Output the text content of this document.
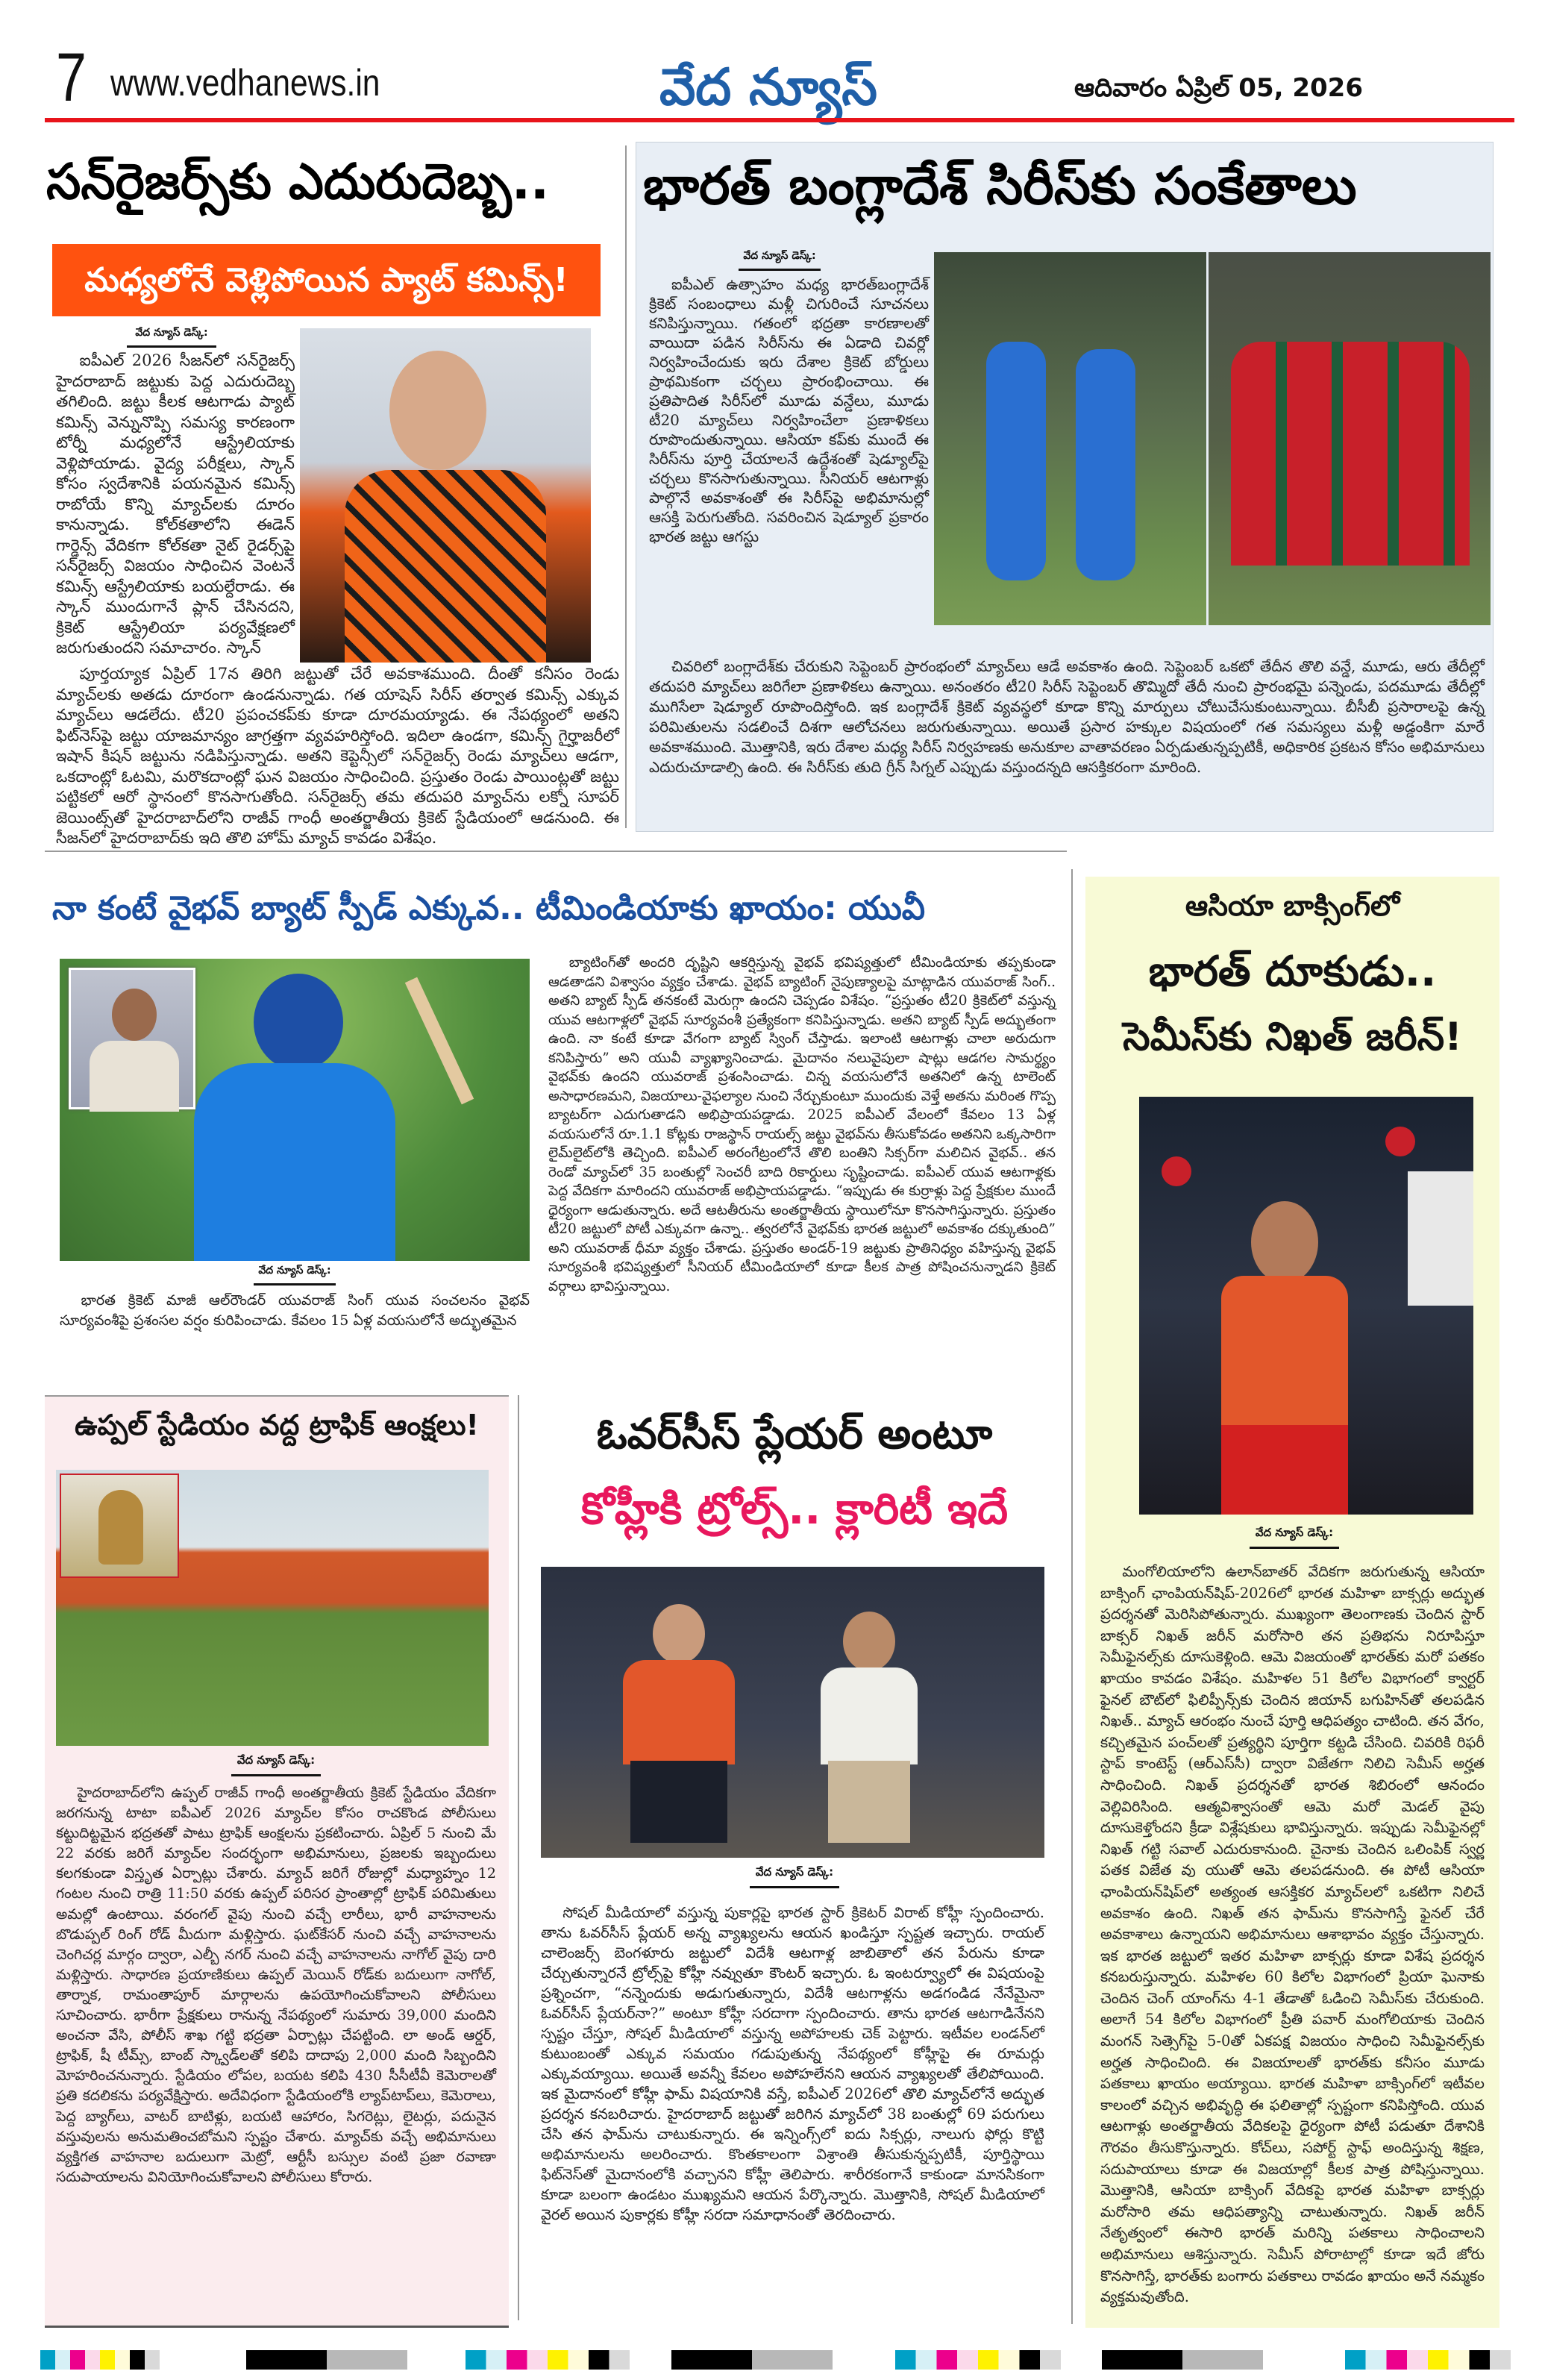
7 www.vedhanews.in	వేద న్యూస్	ఆదివారం ఏప్రిల్ 05, 2026
సన్‌రైజర్స్‌కు ఎదురుదెబ్బ..
మధ్యలోనే వెళ్లిపోయిన ప్యాట్ కమిన్స్!
వేద న్యూస్ డెస్క్:

ఐపీఎల్ 2026 సీజన్‌లో సన్‌రైజర్స్ హైదరాబాద్ జట్టుకు పెద్ద ఎదురుదెబ్బ తగిలింది. జట్టు కీలక ఆటగాడు ప్యాట్ కమిన్స్ వెన్నునొప్పి సమస్య కారణంగా టోర్నీ మధ్యలోనే ఆస్ట్రేలియాకు వెళ్లిపోయాడు. వైద్య పరీక్షలు, స్కాన్ కోసం స్వదేశానికి పయనమైన కమిన్స్ రాబోయే కొన్ని మ్యాచ్‌లకు దూరం కానున్నాడు. కోల్‌కతాలోని ఈడెన్ గార్డెన్స్ వేదికగా కోల్‌కతా నైట్ రైడర్స్‌పై సన్‌రైజర్స్ విజయం సాధించిన వెంటనే కమిన్స్ ఆస్ట్రేలియాకు బయల్దేరాడు. ఈ స్కాన్ ముందుగానే ప్లాన్ చేసినదని, క్రికెట్ ఆస్ట్రేలియా పర్యవేక్షణలో జరుగుతుందని సమాచారం. స్కాన్

పూర్తయ్యాక ఏప్రిల్ 17న తిరిగి జట్టుతో చేరే అవకాశముంది. దీంతో కనీసం రెండు మ్యాచ్‌లకు అతడు దూరంగా ఉండనున్నాడు. గత యాషెస్ సిరీస్ తర్వాత కమిన్స్ ఎక్కువ మ్యాచ్‌లు ఆడలేదు. టీ20 ప్రపంచకప్‌కు కూడా దూరమయ్యాడు. ఈ నేపథ్యంలో అతని ఫిట్‌నెస్‌పై జట్టు యాజమాన్యం జాగ్రత్తగా వ్యవహరిస్తోంది. ఇదిలా ఉండగా, కమిన్స్ గైర్హాజరీలో ఇషాన్ కిషన్ జట్టును నడిపిస్తున్నాడు. అతని కెప్టెన్సీలో సన్‌రైజర్స్ రెండు మ్యాచ్‌లు ఆడగా, ఒకదాంట్లో ఓటమి, మరొకదాంట్లో ఘన విజయం సాధించింది. ప్రస్తుతం రెండు పాయింట్లతో జట్టు పట్టికలో ఆరో స్థానంలో కొనసాగుతోంది. సన్‌రైజర్స్ తమ తదుపరి మ్యాచ్‌ను లక్నో సూపర్ జెయింట్స్‌తో హైదరాబాద్‌లోని రాజీవ్ గాంధీ అంతర్జాతీయ క్రికెట్ స్టేడియంలో ఆడనుంది. ఈ సీజన్‌లో హైదరాబాద్‌కు ఇది తొలి హోమ్ మ్యాచ్ కావడం విశేషం.

భారత్ బంగ్లాదేశ్ సిరీస్‌కు సంకేతాలు
వేద న్యూస్ డెస్క్:

ఐపీఎల్ ఉత్సాహం మధ్య భారత్‌బంగ్లాదేశ్ క్రికెట్ సంబంధాలు మళ్లీ చిగురించే సూచనలు కనిపిస్తున్నాయి. గతంలో భద్రతా కారణాలతో వాయిదా పడిన సిరీస్‌ను ఈ ఏడాది చివర్లో నిర్వహించేందుకు ఇరు దేశాల క్రికెట్ బోర్డులు ప్రాథమికంగా చర్చలు ప్రారంభించాయి. ఈ ప్రతిపాదిత సిరీస్‌లో మూడు వన్డేలు, మూడు టీ20 మ్యాచ్‌లు నిర్వహించేలా ప్రణాళికలు రూపొందుతున్నాయి. ఆసియా కప్‌కు ముందే ఈ సిరీస్‌ను పూర్తి చేయాలనే ఉద్దేశంతో షెడ్యూల్‌పై చర్చలు కొనసాగుతున్నాయి. సీనియర్ ఆటగాళ్లు పాల్గొనే అవకాశంతో ఈ సిరీస్‌పై అభిమానుల్లో ఆసక్తి పెరుగుతోంది. సవరించిన షెడ్యూల్ ప్రకారం భారత జట్టు ఆగస్టు

చివరిలో బంగ్లాదేశ్‌కు చేరుకుని సెప్టెంబర్ ప్రారంభంలో మ్యాచ్‌లు ఆడే అవకాశం ఉంది. సెప్టెంబర్ ఒకటో తేదీన తొలి వన్డే, మూడు, ఆరు తేదీల్లో తదుపరి మ్యాచ్‌లు జరిగేలా ప్రణాళికలు ఉన్నాయి. అనంతరం టీ20 సిరీస్ సెప్టెంబర్ తొమ్మిదో తేదీ నుంచి ప్రారంభమై పన్నెండు, పదమూడు తేదీల్లో ముగిసేలా షెడ్యూల్ రూపొందిస్తోంది. ఇక బంగ్లాదేశ్ క్రికెట్ వ్యవస్థలో కూడా కొన్ని మార్పులు చోటుచేసుకుంటున్నాయి. బీసీబీ ప్రసారాలపై ఉన్న పరిమితులను సడలించే దిశగా ఆలోచనలు జరుగుతున్నాయి. అయితే ప్రసార హక్కుల విషయంలో గత సమస్యలు మళ్లీ అడ్డంకిగా మారే అవకాశముంది. మొత్తానికి, ఇరు దేశాల మధ్య సిరీస్ నిర్వహణకు అనుకూల వాతావరణం ఏర్పడుతున్నప్పటికీ, అధికారిక ప్రకటన కోసం అభిమానులు ఎదురుచూడాల్సి ఉంది. ఈ సిరీస్‌కు తుది గ్రీన్ సిగ్నల్ ఎప్పుడు వస్తుందన్నది ఆసక్తికరంగా మారింది.

నా కంటే వైభవ్ బ్యాట్ స్పీడ్ ఎక్కువ.. టీమిండియాకు ఖాయం: యువీ
వేద న్యూస్ డెస్క్:

భారత క్రికెట్ మాజీ ఆల్‌రౌండర్ యువరాజ్ సింగ్ యువ సంచలనం వైభవ్ సూర్యవంశీపై ప్రశంసల వర్షం కురిపించాడు. కేవలం 15 ఏళ్ల వయసులోనే అద్భుతమైన

బ్యాటింగ్‌తో అందరి దృష్టిని ఆకర్షిస్తున్న వైభవ్ భవిష్యత్తులో టీమిండియాకు తప్పకుండా ఆడతాడని విశ్వాసం వ్యక్తం చేశాడు. వైభవ్ బ్యాటింగ్ నైపుణ్యాలపై మాట్లాడిన యువరాజ్ సింగ్.. అతని బ్యాట్ స్పీడ్ తనకంటే మెరుగ్గా ఉందని చెప్పడం విశేషం. “ప్రస్తుతం టీ20 క్రికెట్‌లో వస్తున్న యువ ఆటగాళ్లలో వైభవ్ సూర్యవంశీ ప్రత్యేకంగా కనిపిస్తున్నాడు. అతని బ్యాట్ స్పీడ్ అద్భుతంగా ఉంది. నా కంటే కూడా వేగంగా బ్యాట్ స్వింగ్ చేస్తాడు. ఇలాంటి ఆటగాళ్లు చాలా అరుదుగా కనిపిస్తారు” అని యువీ వ్యాఖ్యానించాడు. మైదానం నలువైపులా షాట్లు ఆడగల సామర్థ్యం వైభవ్‌కు ఉందని యువరాజ్ ప్రశంసించాడు. చిన్న వయసులోనే అతనిలో ఉన్న టాలెంట్ అసాధారణమని, విజయాలు-వైఫల్యాల నుంచి నేర్చుకుంటూ ముందుకు వెళ్తే అతను మరింత గొప్ప బ్యాటర్‌గా ఎదుగుతాడని అభిప్రాయపడ్డాడు. 2025 ఐపీఎల్ వేలంలో కేవలం 13 ఏళ్ల వయసులోనే రూ.1.1 కోట్లకు రాజస్థాన్ రాయల్స్ జట్టు వైభవ్‌ను తీసుకోవడం అతనిని ఒక్కసారిగా లైమ్‌లైట్‌లోకి తెచ్చింది. ఐపీఎల్ అరంగేట్రంలోనే తొలి బంతిని సిక్సర్‌గా మలిచిన వైభవ్.. తన రెండో మ్యాచ్‌లో 35 బంతుల్లో సెంచరీ బాది రికార్డులు సృష్టించాడు. ఐపీఎల్ యువ ఆటగాళ్లకు పెద్ద వేదికగా మారిందని యువరాజ్ అభిప్రాయపడ్డాడు. “ఇప్పుడు ఈ కుర్రాళ్లు పెద్ద ప్రేక్షకుల ముందే ధైర్యంగా ఆడుతున్నారు. అదే ఆటతీరును అంతర్జాతీయ స్థాయిలోనూ కొనసాగిస్తున్నారు. ప్రస్తుతం టీ20 జట్టులో పోటీ ఎక్కువగా ఉన్నా.. త్వరలోనే వైభవ్‌కు భారత జట్టులో అవకాశం దక్కుతుంది” అని యువరాజ్ ధీమా వ్యక్తం చేశాడు. ప్రస్తుతం అండర్-19 జట్టుకు ప్రాతినిధ్యం వహిస్తున్న వైభవ్ సూర్యవంశీ భవిష్యత్తులో సీనియర్ టీమిండియాలో కూడా కీలక పాత్ర పోషించనున్నాడని క్రికెట్ వర్గాలు భావిస్తున్నాయి.

ఆసియా బాక్సింగ్‌లో
భారత్ దూకుడు..
సెమీస్‌కు నిఖత్ జరీన్!
వేద న్యూస్ డెస్క్:

మంగోలియాలోని ఉలాన్‌బాతర్ వేదికగా జరుగుతున్న ఆసియా బాక్సింగ్ ఛాంపియన్‌షిప్-2026లో భారత మహిళా బాక్సర్లు అద్భుత ప్రదర్శనతో మెరిసిపోతున్నారు. ముఖ్యంగా తెలంగాణకు చెందిన స్టార్ బాక్సర్ నిఖత్ జరీన్ మరోసారి తన ప్రతిభను నిరూపిస్తూ సెమీఫైనల్స్‌కు దూసుకెళ్లింది. ఆమె విజయంతో భారత్‌కు మరో పతకం ఖాయం కావడం విశేషం. మహిళల 51 కిలోల విభాగంలో క్వార్టర్ ఫైనల్ బౌట్‌లో ఫిలిప్పీన్స్‌కు చెందిన జియాన్ బగుహిన్‌తో తలపడిన నిఖత్.. మ్యాచ్ ఆరంభం నుంచే పూర్తి ఆధిపత్యం చాటింది. తన వేగం, కచ్చితమైన పంచ్‌లతో ప్రత్యర్థిని పూర్తిగా కట్టడి చేసింది. చివరికి రిఫరీ స్టాప్ కాంటెస్ట్ (ఆర్ఎస్‌సీ) ద్వారా విజేతగా నిలిచి సెమీస్ అర్హత సాధించింది. నిఖత్ ప్రదర్శనతో భారత శిబిరంలో ఆనందం వెల్లివిరిసింది. ఆత్మవిశ్వాసంతో ఆమె మరో మెడల్ వైపు దూసుకెళ్తోందని క్రీడా విశ్లేషకులు భావిస్తున్నారు. ఇప్పుడు సెమీఫైనల్లో నిఖత్ గట్టి సవాల్ ఎదురుకానుంది. చైనాకు చెందిన ఒలింపిక్ స్వర్ణ పతక విజేత వు యుతో ఆమె తలపడనుంది. ఈ పోటీ ఆసియా ఛాంపియన్‌షిప్‌లో అత్యంత ఆసక్తికర మ్యాచ్‌లలో ఒకటిగా నిలిచే అవకాశం ఉంది. నిఖత్ తన ఫామ్‌ను కొనసాగిస్తే ఫైనల్ చేరే అవకాశాలు ఉన్నాయని అభిమానులు ఆశాభావం వ్యక్తం చేస్తున్నారు. ఇక భారత జట్టులో ఇతర మహిళా బాక్సర్లు కూడా విశేష ప్రదర్శన కనబరుస్తున్నారు. మహిళల 60 కిలోల విభాగంలో ప్రియా ఘెనాకు చెందిన చెంగ్ యాంగ్‌ను 4-1 తేడాతో ఓడించి సెమీస్‌కు చేరుకుంది. అలాగే 54 కిలోల విభాగంలో ప్రీతి పవార్ మంగోలియాకు చెందిన మంగన్ సెత్సెగ్‌పై 5-0తో ఏకపక్ష విజయం సాధించి సెమీఫైనల్స్‌కు అర్హత సాధించింది. ఈ విజయాలతో భారత్‌కు కనీసం మూడు పతకాలు ఖాయం అయ్యాయి. భారత మహిళా బాక్సింగ్‌లో ఇటీవల కాలంలో వచ్చిన అభివృద్ధి ఈ ఫలితాల్లో స్పష్టంగా కనిపిస్తోంది. యువ ఆటగాళ్లు అంతర్జాతీయ వేదికలపై ధైర్యంగా పోటీ పడుతూ దేశానికి గౌరవం తీసుకొస్తున్నారు. కోచ్‌లు, సపోర్ట్ స్టాఫ్ అందిస్తున్న శిక్షణ, సదుపాయాలు కూడా ఈ విజయాల్లో కీలక పాత్ర పోషిస్తున్నాయి. మొత్తానికి, ఆసియా బాక్సింగ్ వేదికపై భారత మహిళా బాక్సర్లు మరోసారి తమ ఆధిపత్యాన్ని చాటుతున్నారు. నిఖత్ జరీన్ నేతృత్వంలో ఈసారి భారత్ మరిన్ని పతకాలు సాధించాలని అభిమానులు ఆశిస్తున్నారు. సెమీస్ పోరాటాల్లో కూడా ఇదే జోరు కొనసాగిస్తే, భారత్‌కు బంగారు పతకాలు రావడం ఖాయం అనే నమ్మకం వ్యక్తమవుతోంది.

ఉప్పల్ స్టేడియం వద్ద ట్రాఫిక్ ఆంక్షలు!
వేద న్యూస్ డెస్క్:

హైదరాబాద్‌లోని ఉప్పల్ రాజీవ్ గాంధీ అంతర్జాతీయ క్రికెట్ స్టేడియం వేదికగా జరగనున్న టాటా ఐపీఎల్ 2026 మ్యాచ్‌ల కోసం రాచకొండ పోలీసులు కట్టుదిట్టమైన భద్రతతో పాటు ట్రాఫిక్ ఆంక్షలను ప్రకటించారు. ఏప్రిల్ 5 నుంచి మే 22 వరకు జరిగే మ్యాచ్‌ల సందర్భంగా అభిమానులు, ప్రజలకు ఇబ్బందులు కలగకుండా విస్తృత ఏర్పాట్లు చేశారు. మ్యాచ్ జరిగే రోజుల్లో మధ్యాహ్నం 12 గంటల నుంచి రాత్రి 11:50 వరకు ఉప్పల్ పరిసర ప్రాంతాల్లో ట్రాఫిక్ పరిమితులు అమల్లో ఉంటాయి. వరంగల్ వైపు నుంచి వచ్చే లారీలు, భారీ వాహనాలను బొడుప్పల్ రింగ్ రోడ్ మీదుగా మళ్లిస్తారు. ఘట్‌కేసర్ నుంచి వచ్చే వాహనాలను చెంగిచర్ల మార్గం ద్వారా, ఎల్బీ నగర్ నుంచి వచ్చే వాహనాలను నాగోల్ వైపు దారి మళ్లిస్తారు. సాధారణ ప్రయాణికులు ఉప్పల్ మెయిన్ రోడ్‌కు బదులుగా నాగోల్, తార్నాక, రామంతాపూర్ మార్గాలను ఉపయోగించుకోవాలని పోలీసులు సూచించారు. భారీగా ప్రేక్షకులు రానున్న నేపథ్యంలో సుమారు 39,000 మందిని అంచనా వేసి, పోలీస్ శాఖ గట్టి భద్రతా ఏర్పాట్లు చేపట్టింది. లా అండ్ ఆర్డర్, ట్రాఫిక్, షీ టీమ్స్, బాంబ్ స్క్వాడ్‌లతో కలిపి దాదాపు 2,000 మంది సిబ్బందిని మోహరించనున్నారు. స్టేడియం లోపల, బయట కలిపి 430 సీసీటీవీ కెమెరాలతో ప్రతి కదలికను పర్యవేక్షిస్తారు. అదేవిధంగా స్టేడియంలోకి ల్యాప్‌టాప్‌లు, కెమెరాలు, పెద్ద బ్యాగ్‌లు, వాటర్ బాటిళ్లు, బయటి ఆహారం, సిగరెట్లు, లైటర్లు, పదునైన వస్తువులను అనుమతించబోమని స్పష్టం చేశారు. మ్యాచ్‌కు వచ్చే అభిమానులు వ్యక్తిగత వాహనాల బదులుగా మెట్రో, ఆర్టీసీ బస్సుల వంటి ప్రజా రవాణా సదుపాయాలను వినియోగించుకోవాలని పోలీసులు కోరారు.

ఓవర్‌సీస్ ప్లేయర్ అంటూ
కోహ్లీకి ట్రోల్స్.. క్లారిటీ ఇదే
వేద న్యూస్ డెస్క్:

సోషల్ మీడియాలో వస్తున్న పుకార్లపై భారత స్టార్ క్రికెటర్ విరాట్ కోహ్లీ స్పందించారు. తాను ఓవర్‌సీస్ ప్లేయర్ అన్న వ్యాఖ్యలను ఆయన ఖండిస్తూ స్పష్టత ఇచ్చారు. రాయల్ చాలెంజర్స్ బెంగళూరు జట్టులో విదేశీ ఆటగాళ్ల జాబితాలో తన పేరును కూడా చేర్చుతున్నారనే ట్రోల్స్‌పై కోహ్లీ నవ్వుతూ కౌంటర్ ఇచ్చారు. ఓ ఇంటర్వ్యూలో ఈ విషయంపై ప్రశ్నించగా, “నన్నెందుకు అడుగుతున్నారు, విదేశీ ఆటగాళ్లను అడగండిడ నేనేమైనా ఓవర్‌సీస్ ప్లేయర్‌నా?” అంటూ కోహ్లీ సరదాగా స్పందించారు. తాను భారత ఆటగాడినేనని స్పష్టం చేస్తూ, సోషల్ మీడియాలో వస్తున్న అపోహలకు చెక్ పెట్టారు. ఇటీవల లండన్‌లో కుటుంబంతో ఎక్కువ సమయం గడుపుతున్న నేపథ్యంలో కోహ్లీపై ఈ రూమర్లు ఎక్కువయ్యాయి. అయితే అవన్నీ కేవలం అపోహలేనని ఆయన వ్యాఖ్యలతో తేలిపోయింది. ఇక మైదానంలో కోహ్లీ ఫామ్ విషయానికి వస్తే, ఐపీఎల్ 2026లో తొలి మ్యాచ్‌లోనే అద్భుత ప్రదర్శన కనబరిచారు. హైదరాబాద్ జట్టుతో జరిగిన మ్యాచ్‌లో 38 బంతుల్లో 69 పరుగులు చేసి తన ఫామ్‌ను చాటుకున్నారు. ఈ ఇన్నింగ్స్‌లో ఐదు సిక్సర్లు, నాలుగు ఫోర్లు కొట్టి అభిమానులను అలరించారు. కొంతకాలంగా విశ్రాంతి తీసుకున్నప్పటికీ, పూర్తిస్థాయి ఫిట్‌నెస్‌తో మైదానంలోకి వచ్చానని కోహ్లీ తెలిపారు. శారీరకంగానే కాకుండా మానసికంగా కూడా బలంగా ఉండటం ముఖ్యమని ఆయన పేర్కొన్నారు. మొత్తానికి, సోషల్ మీడియాలో వైరల్ అయిన పుకార్లకు కోహ్లీ సరదా సమాధానంతో తెరదించారు.
